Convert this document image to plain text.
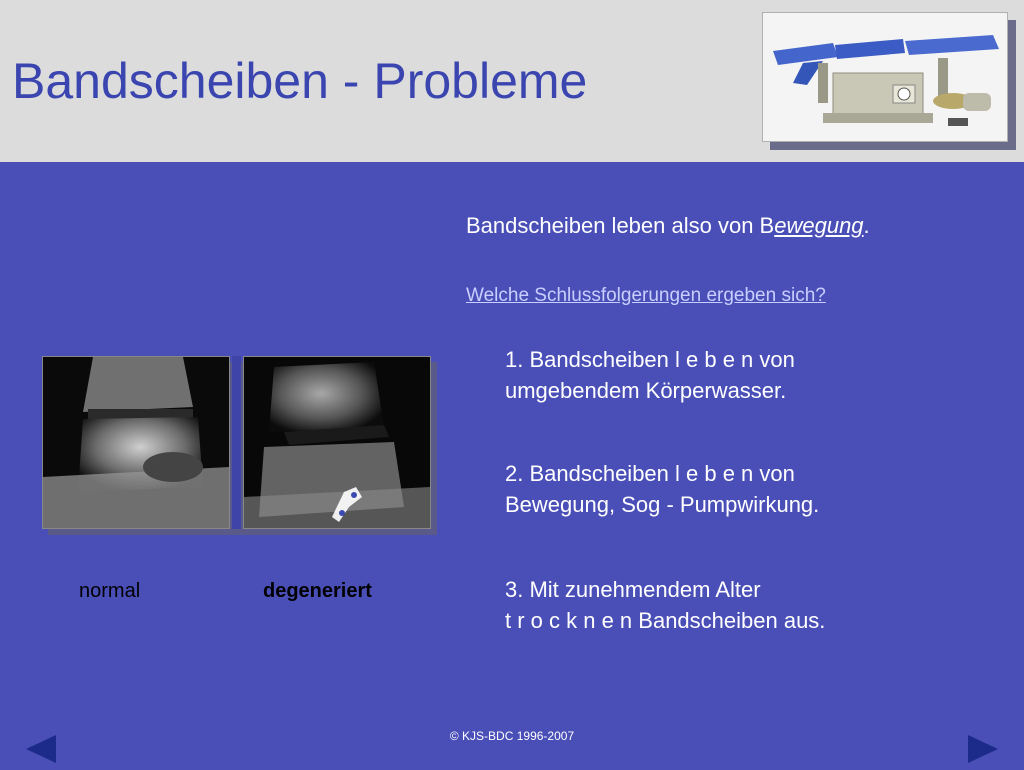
Bandscheiben - Probleme
normal	degeneriert
Bandscheiben leben also von Bewegung.
Welche Schlussfolgerungen ergeben sich?
1. Bandscheiben l e b e n von
umgebendem Körperwasser.
2. Bandscheiben l e b e n von
Bewegung, Sog - Pumpwirkung.
3. Mit zunehmendem Alter
t r o c k n e n Bandscheiben aus.
© KJS-BDC 1996-2007
